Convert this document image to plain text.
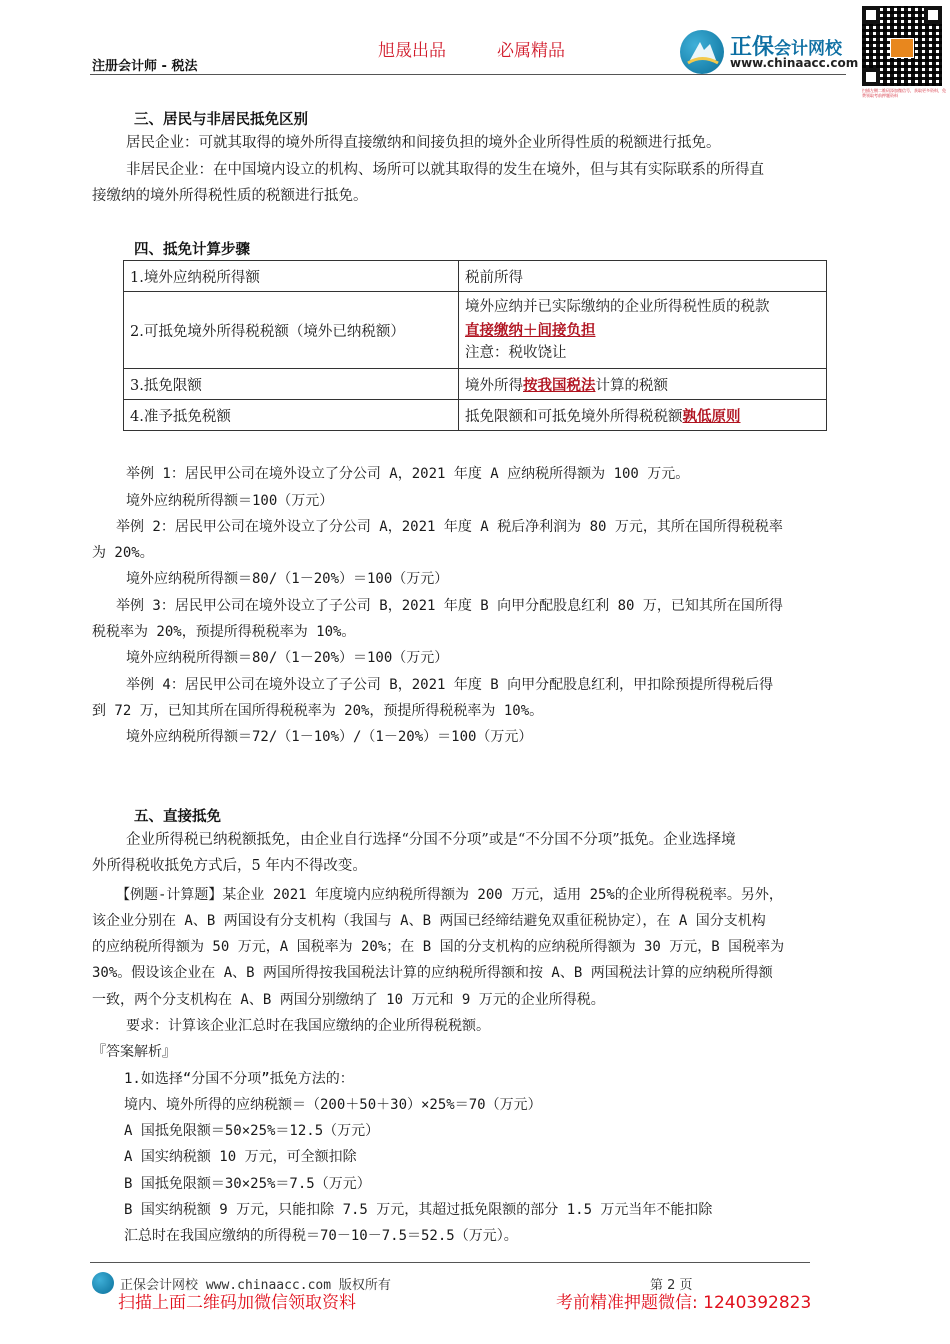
旭晟出品	必属精品
注册会计师 - 税法
正保会计网校
www.chinaacc.com
扫描左侧二维码添加微信号，获取更多资料，免费领取考前押题资料
三、居民与非居民抵免区别
居民企业：可就其取得的境外所得直接缴纳和间接负担的境外企业所得性质的税额进行抵免。
非居民企业：在中国境内设立的机构、场所可以就其取得的发生在境外，但与其有实际联系的所得直
接缴纳的境外所得税性质的税额进行抵免。
四、抵免计算步骤
1.境外应纳税所得额	税前所得
2.可抵免境外所得税税额（境外已纳税额）	境外应纳并已实际缴纳的企业所得税性质的税款
直接缴纳＋间接负担
注意：税收饶让

3.抵免限额	境外所得按我国税法计算的税额
4.准予抵免税额	抵免限额和可抵免境外所得税税额孰低原则
举例 1：居民甲公司在境外设立了分公司 A，2021 年度 A 应纳税所得额为 100 万元。
境外应纳税所得额＝100（万元）
举例 2：居民甲公司在境外设立了分公司 A，2021 年度 A 税后净利润为 80 万元，其所在国所得税税率
为 20%。
境外应纳税所得额＝80/（1－20%）＝100（万元）
举例 3：居民甲公司在境外设立了子公司 B，2021 年度 B 向甲分配股息红利 80 万，已知其所在国所得
税税率为 20%，预提所得税税率为 10%。
境外应纳税所得额＝80/（1－20%）＝100（万元）
举例 4：居民甲公司在境外设立了子公司 B，2021 年度 B 向甲分配股息红利，甲扣除预提所得税后得
到 72 万，已知其所在国所得税税率为 20%，预提所得税税率为 10%。
境外应纳税所得额＝72/（1－10%）/（1－20%）＝100（万元）
五、直接抵免
企业所得税已纳税额抵免，由企业自行选择“分国不分项”或是“不分国不分项”抵免。企业选择境
外所得税收抵免方式后，5 年内不得改变。
【例题-计算题】某企业 2021 年度境内应纳税所得额为 200 万元，适用 25%的企业所得税税率。另外，
该企业分别在 A、B 两国设有分支机构（我国与 A、B 两国已经缔结避免双重征税协定），在 A 国分支机构
的应纳税所得额为 50 万元，A 国税率为 20%；在 B 国的分支机构的应纳税所得额为 30 万元，B 国税率为
30%。假设该企业在 A、B 两国所得按我国税法计算的应纳税所得额和按 A、B 两国税法计算的应纳税所得额
一致，两个分支机构在 A、B 两国分别缴纳了 10 万元和 9 万元的企业所得税。
要求：计算该企业汇总时在我国应缴纳的企业所得税税额。
『答案解析』
1.如选择“分国不分项”抵免方法的：
境内、境外所得的应纳税额＝（200＋50＋30）×25%＝70（万元）
A 国抵免限额＝50×25%＝12.5（万元）
A 国实纳税额 10 万元，可全额扣除
B 国抵免限额＝30×25%＝7.5（万元）
B 国实纳税额 9 万元，只能扣除 7.5 万元，其超过抵免限额的部分 1.5 万元当年不能扣除
汇总时在我国应缴纳的所得税＝70－10－7.5＝52.5（万元）。
正保会计网校 www.chinaacc.com 版权所有	第 2 页
扫描上面二维码加微信领取资料	考前精准押题微信: 1240392823
